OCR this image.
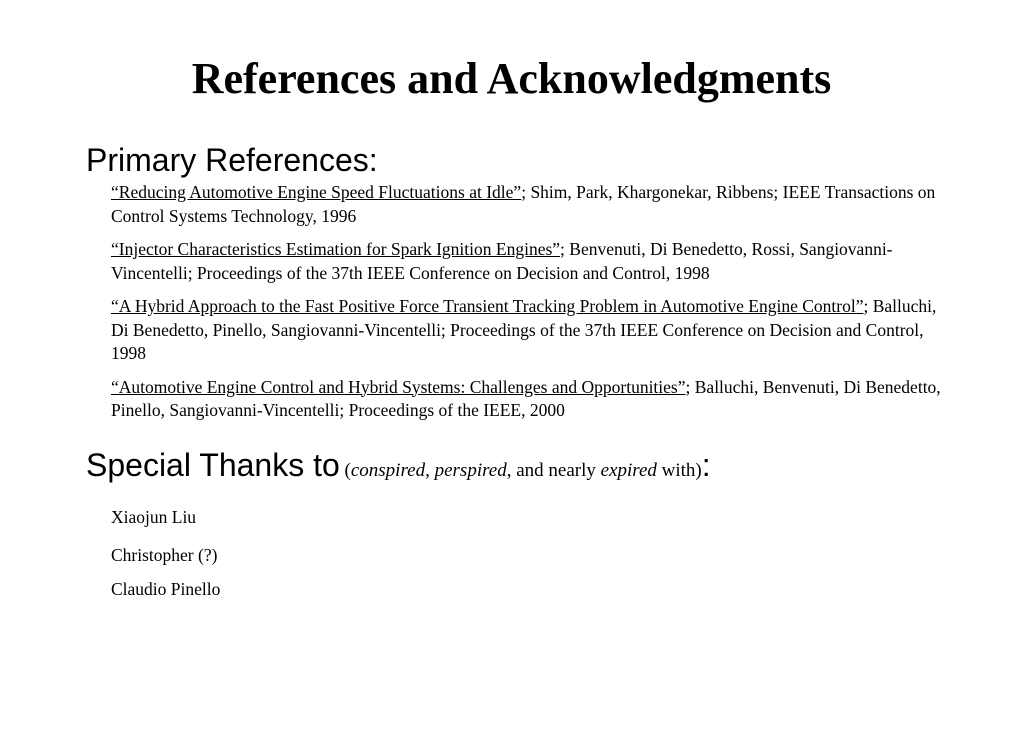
References and Acknowledgments
Primary References:
“Reducing Automotive Engine Speed Fluctuations at Idle”; Shim, Park, Khargonekar, Ribbens; IEEE Transactions on Control Systems Technology, 1996
“Injector Characteristics Estimation for Spark Ignition Engines”; Benvenuti, Di Benedetto, Rossi, Sangiovanni-Vincentelli; Proceedings of the 37th IEEE Conference on Decision and Control, 1998
“A Hybrid Approach to the Fast Positive Force Transient Tracking Problem in Automotive Engine Control”; Balluchi, Di Benedetto, Pinello, Sangiovanni-Vincentelli; Proceedings of the 37th IEEE Conference on Decision and Control, 1998
“Automotive Engine Control and Hybrid Systems: Challenges and Opportunities”; Balluchi, Benvenuti, Di Benedetto, Pinello, Sangiovanni-Vincentelli; Proceedings of the IEEE, 2000
Special Thanks to (conspired, perspired, and nearly expired with):
Xiaojun Liu
Christopher (?)
Claudio Pinello
